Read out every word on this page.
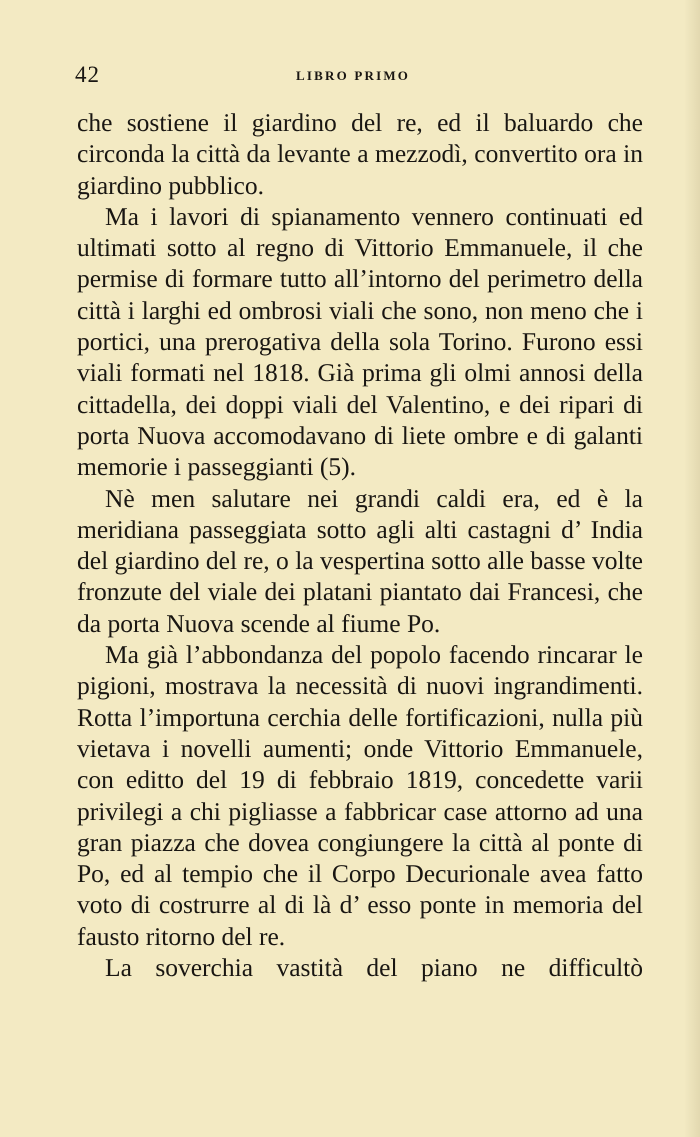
42	LIBRO PRIMO

che sostiene il giardino del re, ed il baluardo che circonda la città da levante a mezzodì, convertito ora in giardino pubblico.

Ma i lavori di spianamento vennero continuati ed ultimati sotto al regno di Vittorio Emmanuele, il che permise di formare tutto all’intorno del perimetro della città i larghi ed ombrosi viali che sono, non meno che i portici, una prerogativa della sola Torino. Furono essi viali formati nel 1818. Già prima gli olmi annosi della cittadella, dei doppi viali del Valentino, e dei ripari di porta Nuova accomodavano di liete ombre e di galanti memorie i passeggianti (5).

Nè men salutare nei grandi caldi era, ed è la meridiana passeggiata sotto agli alti castagni d’ India del giardino del re, o la vespertina sotto alle basse volte fronzute del viale dei platani piantato dai Francesi, che da porta Nuova scende al fiume Po.

Ma già l’abbondanza del popolo facendo rincarar le pigioni, mostrava la necessità di nuovi ingrandimenti. Rotta l’importuna cerchia delle fortificazioni, nulla più vietava i novelli aumenti; onde Vittorio Emmanuele, con editto del 19 di febbraio 1819, concedette varii privilegi a chi pigliasse a fabbricar case attorno ad una gran piazza che dovea congiungere la città al ponte di Po, ed al tempio che il Corpo Decurionale avea fatto voto di costrurre al di là d’ esso ponte in memoria del fausto ritorno del re.

La soverchia vastità del piano ne difficultò
